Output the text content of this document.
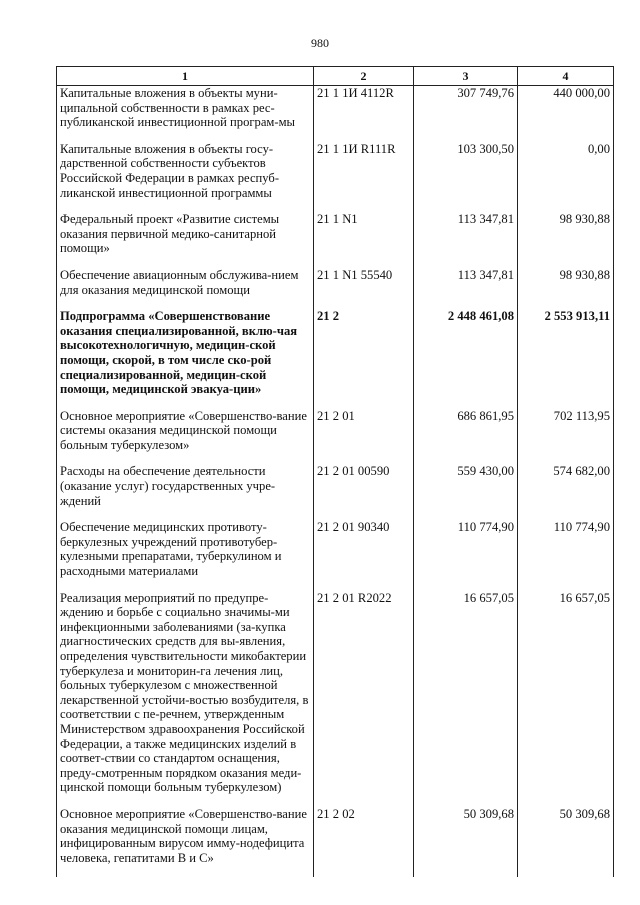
980
1	2	3	4
Капитальные вложения в объекты муни-ципальной собственности в рамках рес-публиканской инвестиционной програм-мы	21 1 1И 4112R	307 749,76	440 000,00
Капитальные вложения в объекты госу-дарственной собственности субъектов Российской Федерации в рамках респуб-ликанской инвестиционной программы	21 1 1И R111R	103 300,50	0,00
Федеральный проект «Развитие системы оказания первичной медико-санитарной помощи»	21 1 N1	113 347,81	98 930,88
Обеспечение авиационным обслужива-нием для оказания медицинской помощи	21 1 N1 55540	113 347,81	98 930,88
Подпрограмма «Совершенствование оказания специализированной, вклю-чая высокотехнологичную, медицин-ской помощи, скорой, в том числе ско-рой специализированной, медицин-ской помощи, медицинской эвакуа-ции»	21 2	2 448 461,08	2 553 913,11
Основное мероприятие «Совершенство-вание системы оказания медицинской помощи больным туберкулезом»	21 2 01	686 861,95	702 113,95
Расходы на обеспечение деятельности (оказание услуг) государственных учре-ждений	21 2 01 00590	559 430,00	574 682,00
Обеспечение медицинских противоту-беркулезных учреждений противотубер-кулезными препаратами, туберкулином и расходными материалами	21 2 01 90340	110 774,90	110 774,90
Реализация мероприятий по предупре-ждению и борьбе с социально значимы-ми инфекционными заболеваниями (за-купка диагностических средств для вы-явления, определения чувствительности микобактерии туберкулеза и мониторин-га лечения лиц, больных туберкулезом с множественной лекарственной устойчи-востью возбудителя, в соответствии с пе-речнем, утвержденным Министерством здравоохранения Российской Федерации, а также медицинских изделий в соответ-ствии со стандартом оснащения, преду-смотренным порядком оказания меди-цинской помощи больным туберкулезом)	21 2 01 R2022	16 657,05	16 657,05
Основное мероприятие «Совершенство-вание оказания медицинской помощи лицам, инфицированным вирусом имму-нодефицита человека, гепатитами В и С»	21 2 02	50 309,68	50 309,68
